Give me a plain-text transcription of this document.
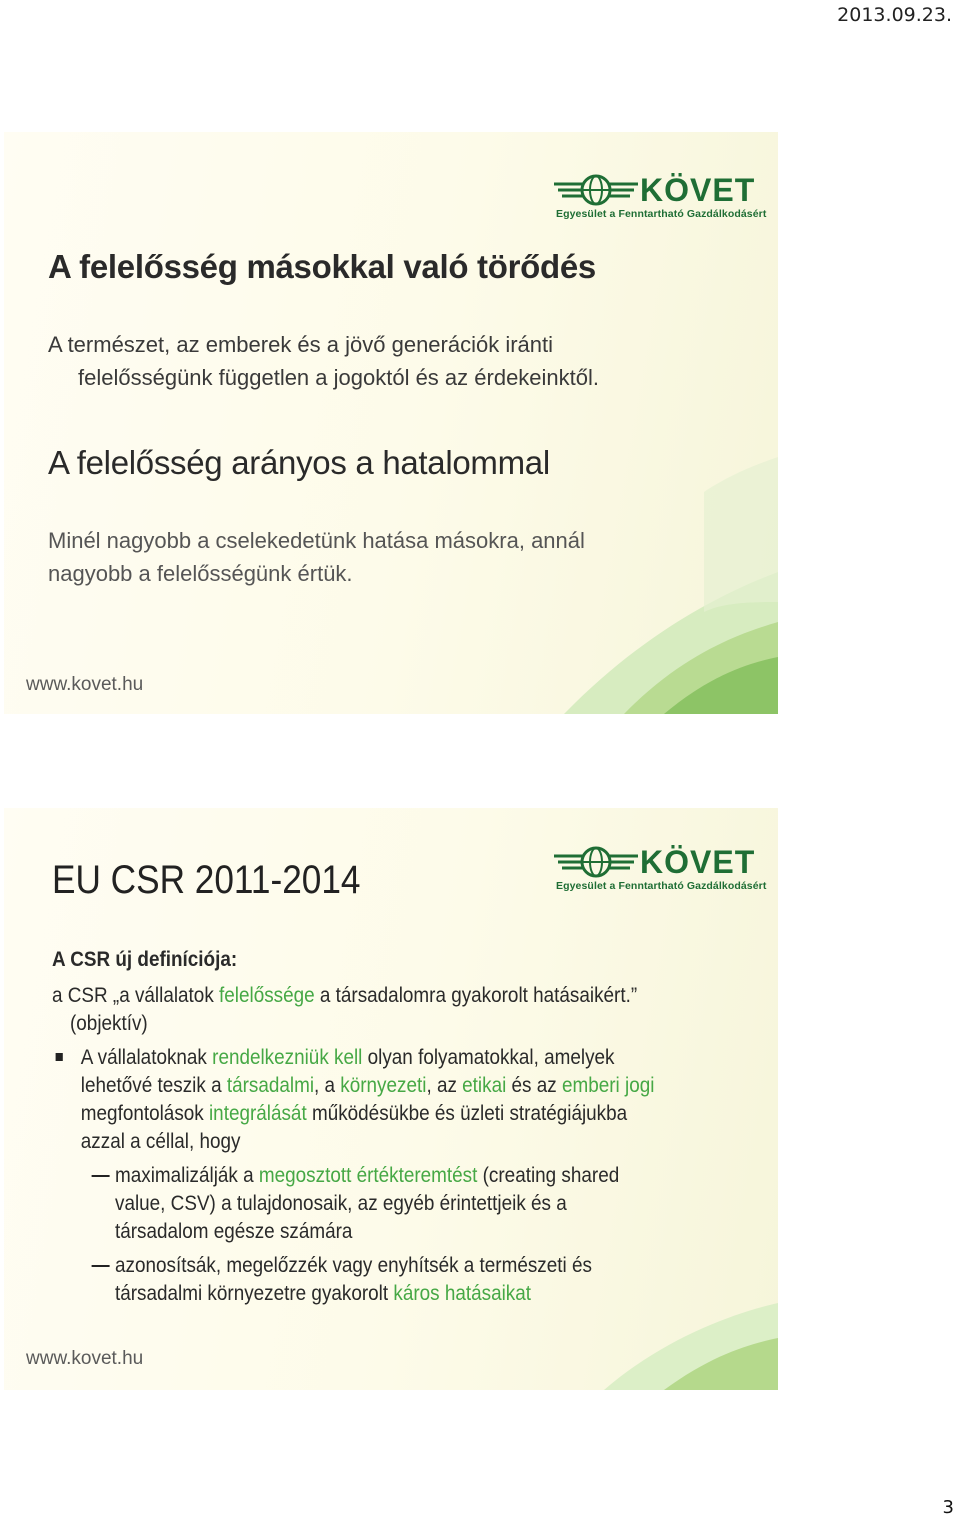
2013.09.23.
KÖVET
Egyesület a Fenntartható Gazdálkodásért
A felelősség másokkal való törődés
A természet, az emberek és a jövő generációk iránti
felelősségünk független a jogoktól és az érdekeinktől.
A felelősség arányos a hatalommal
Minél nagyobb a cselekedetünk hatása másokra, annál
nagyobb a felelősségünk értük.
www.kovet.hu
KÖVET
Egyesület a Fenntartható Gazdálkodásért
EU CSR 2011-2014
A CSR új definíciója:

a CSR „a vállalatok felelőssége a társadalomra gyakorolt hatásaikért.”

(objektív)

A vállalatoknak rendelkezniük kell olyan folyamatokkal, amelyek
lehetővé teszik a társadalmi, a környezeti, az etikai és az emberi jogi
megfontolások integrálását működésükbe és üzleti stratégiájukba
azzal a céllal, hogy
maximalizálják a megosztott értékteremtést (creating shared
value, CSV) a tulajdonosaik, az egyéb érintettjeik és a
társadalom egésze számára
azonosítsák, megelőzzék vagy enyhítsék a természeti és
társadalmi környezetre gyakorolt káros hatásaikat
www.kovet.hu
3
